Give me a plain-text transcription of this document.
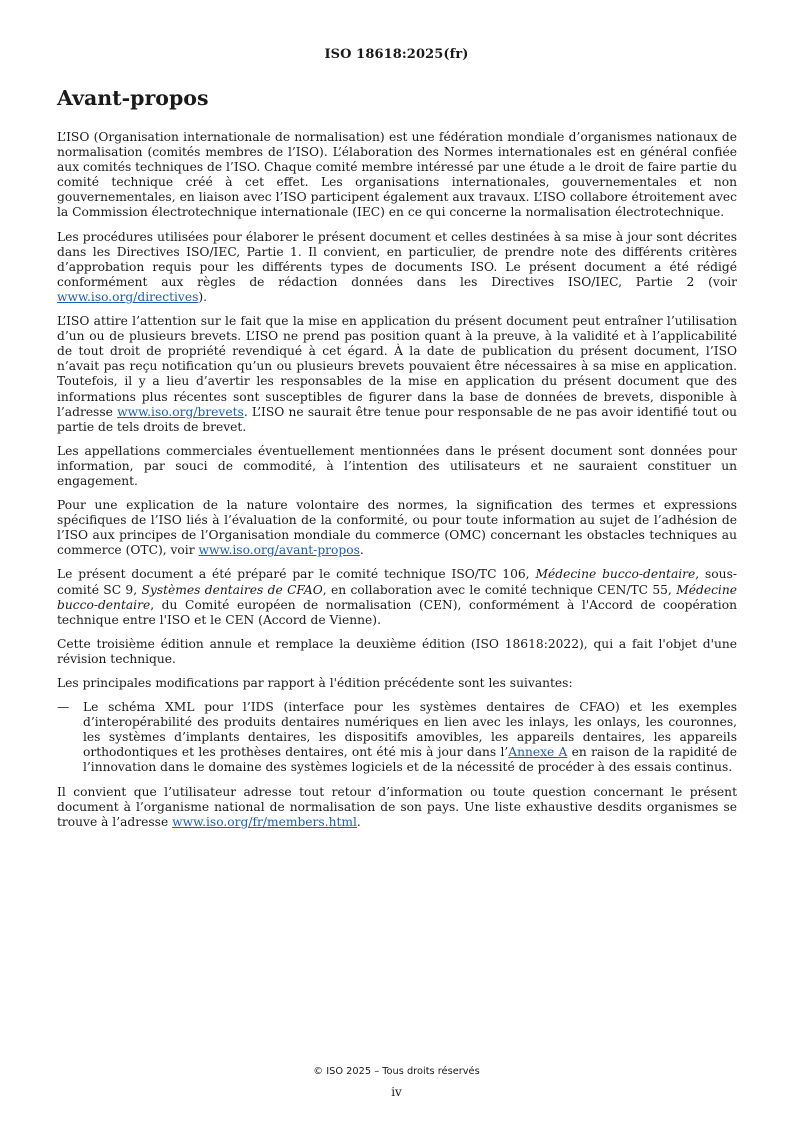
ISO 18618:2025(fr)
Avant-propos

L’ISO (Organisation internationale de normalisation) est une fédération mondiale d’organismes nationaux de normalisation (comités membres de l’ISO). L’élaboration des Normes internationales est en général confiée aux comités techniques de l’ISO. Chaque comité membre intéressé par une étude a le droit de faire partie du comité technique créé à cet effet. Les organisations internationales, gouvernementales et non gouvernementales, en liaison avec l’ISO participent également aux travaux. L’ISO collabore étroitement avec la Commission électrotechnique internationale (IEC) en ce qui concerne la normalisation électrotechnique.

Les procédures utilisées pour élaborer le présent document et celles destinées à sa mise à jour sont décrites dans les Directives ISO/IEC, Partie 1. Il convient, en particulier, de prendre note des différents critères d’approbation requis pour les différents types de documents ISO. Le présent document a été rédigé conformément aux règles de rédaction données dans les Directives ISO/IEC, Partie 2 (voir www.iso.org/directives).

L’ISO attire l’attention sur le fait que la mise en application du présent document peut entraîner l’utilisation d’un ou de plusieurs brevets. L’ISO ne prend pas position quant à la preuve, à la validité et à l’applicabilité de tout droit de propriété revendiqué à cet égard. À la date de publication du présent document, l’ISO n’avait pas reçu notification qu’un ou plusieurs brevets pouvaient être nécessaires à sa mise en application. Toutefois, il y a lieu d’avertir les responsables de la mise en application du présent document que des informations plus récentes sont susceptibles de figurer dans la base de données de brevets, disponible à l’adresse www.iso.org/brevets. L’ISO ne saurait être tenue pour responsable de ne pas avoir identifié tout ou partie de tels droits de brevet.

Les appellations commerciales éventuellement mentionnées dans le présent document sont données pour information, par souci de commodité, à l’intention des utilisateurs et ne sauraient constituer un engagement.

Pour une explication de la nature volontaire des normes, la signification des termes et expressions spécifiques de l’ISO liés à l’évaluation de la conformité, ou pour toute information au sujet de l’adhésion de l’ISO aux principes de l’Organisation mondiale du commerce (OMC) concernant les obstacles techniques au commerce (OTC), voir www.iso.org/avant-propos.

Le présent document a été préparé par le comité technique ISO/TC 106, Médecine bucco-dentaire, sous-comité SC 9, Systèmes dentaires de CFAO, en collaboration avec le comité technique CEN/TC 55, Médecine bucco-dentaire, du Comité européen de normalisation (CEN), conformément à l'Accord de coopération technique entre l'ISO et le CEN (Accord de Vienne).

Cette troisième édition annule et remplace la deuxième édition (ISO 18618:2022), qui a fait l'objet d'une révision technique.

Les principales modifications par rapport à l'édition précédente sont les suivantes:

—	Le schéma XML pour l’IDS (interface pour les systèmes dentaires de CFAO) et les exemples d’interopérabilité des produits dentaires numériques en lien avec les inlays, les onlays, les couronnes, les systèmes d’implants dentaires, les dispositifs amovibles, les appareils dentaires, les appareils orthodontiques et les prothèses dentaires, ont été mis à jour dans l’Annexe A en raison de la rapidité de l’innovation dans le domaine des systèmes logiciels et de la nécessité de procéder à des essais continus.

Il convient que l’utilisateur adresse tout retour d’information ou toute question concernant le présent document à l’organisme national de normalisation de son pays. Une liste exhaustive desdits organismes se trouve à l’adresse www.iso.org/fr/members.html.

© ISO 2025 – Tous droits réservés
iv
